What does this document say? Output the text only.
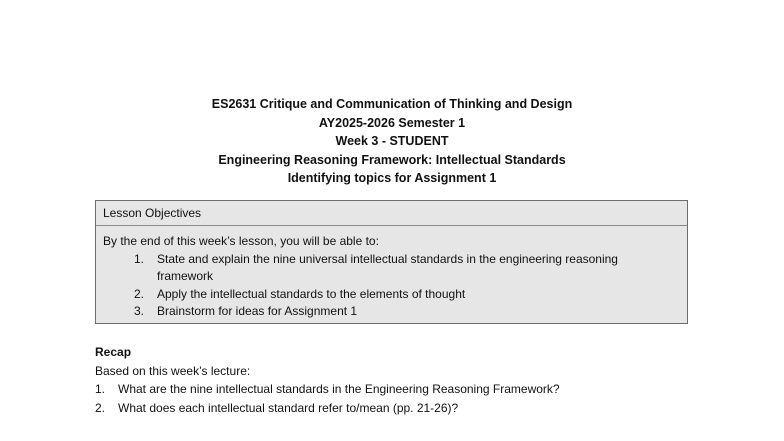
ES2631 Critique and Communication of Thinking and Design
AY2025-2026 Semester 1
Week 3 - STUDENT
Engineering Reasoning Framework: Intellectual Standards
Identifying topics for Assignment 1
Lesson Objectives
By the end of this week’s lesson, you will be able to:
1. State and explain the nine universal intellectual standards in the engineering reasoning framework
2. Apply the intellectual standards to the elements of thought
3. Brainstorm for ideas for Assignment 1
Recap
Based on this week’s lecture:
1. What are the nine intellectual standards in the Engineering Reasoning Framework?
2. What does each intellectual standard refer to/mean (pp. 21-26)?
